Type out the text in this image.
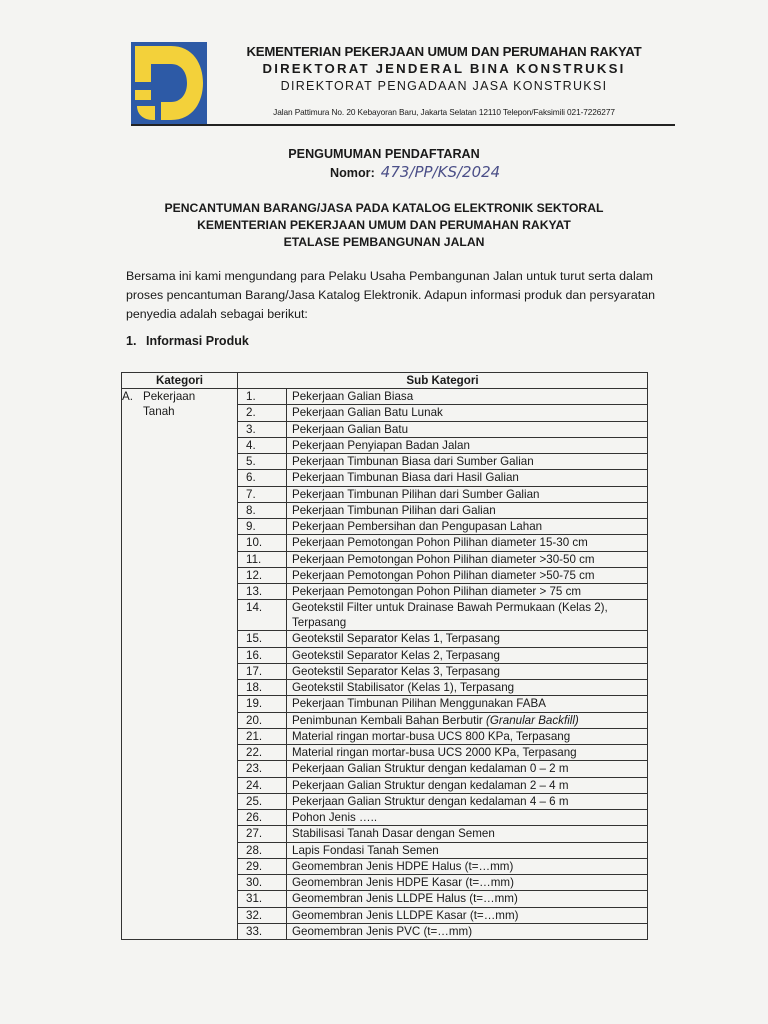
KEMENTERIAN PEKERJAAN UMUM DAN PERUMAHAN RAKYAT
DIREKTORAT JENDERAL BINA KONSTRUKSI
DIREKTORAT PENGADAAN JASA KONSTRUKSI
Jalan Pattimura No. 20 Kebayoran Baru, Jakarta Selatan 12110 Telepon/Faksimili 021-7226277
PENGUMUMAN PENDAFTARAN
Nomor: 473/PP/KS/2024
PENCANTUMAN BARANG/JASA PADA KATALOG ELEKTRONIK SEKTORAL
KEMENTERIAN PEKERJAAN UMUM DAN PERUMAHAN RAKYAT
ETALASE PEMBANGUNAN JALAN
Bersama ini kami mengundang para Pelaku Usaha Pembangunan Jalan untuk turut serta dalam proses pencantuman Barang/Jasa Katalog Elektronik. Adapun informasi produk dan persyaratan penyedia adalah sebagai berikut:
1. Informasi Produk
Kategori	Sub Kategori	
A. Pekerjaan
Tanah	1.	Pekerjaan Galian Biasa
	2.	Pekerjaan Galian Batu Lunak
	3.	Pekerjaan Galian Batu
	4.	Pekerjaan Penyiapan Badan Jalan
	5.	Pekerjaan Timbunan Biasa dari Sumber Galian
	6.	Pekerjaan Timbunan Biasa dari Hasil Galian
	7.	Pekerjaan Timbunan Pilihan dari Sumber Galian
	8.	Pekerjaan Timbunan Pilihan dari Galian
	9.	Pekerjaan Pembersihan dan Pengupasan Lahan
	10.	Pekerjaan Pemotongan Pohon Pilihan diameter 15-30 cm
	11.	Pekerjaan Pemotongan Pohon Pilihan diameter >30-50 cm
	12.	Pekerjaan Pemotongan Pohon Pilihan diameter >50-75 cm
	13.	Pekerjaan Pemotongan Pohon Pilihan diameter > 75 cm
	14.	Geotekstil Filter untuk Drainase Bawah Permukaan (Kelas 2), Terpasang
	15.	Geotekstil Separator Kelas 1, Terpasang
	16.	Geotekstil Separator Kelas 2, Terpasang
	17.	Geotekstil Separator Kelas 3, Terpasang
	18.	Geotekstil Stabilisator (Kelas 1), Terpasang
	19.	Pekerjaan Timbunan Pilihan Menggunakan FABA
	20.	Penimbunan Kembali Bahan Berbutir (Granular Backfill)
	21.	Material ringan mortar-busa UCS 800 KPa, Terpasang
	22.	Material ringan mortar-busa UCS 2000 KPa, Terpasang
	23.	Pekerjaan Galian Struktur dengan kedalaman 0 – 2 m
	24.	Pekerjaan Galian Struktur dengan kedalaman 2 – 4 m
	25.	Pekerjaan Galian Struktur dengan kedalaman 4 – 6 m
	26.	Pohon Jenis …..
	27.	Stabilisasi Tanah Dasar dengan Semen
	28.	Lapis Fondasi Tanah Semen
	29.	Geomembran Jenis HDPE Halus (t=…mm)
	30.	Geomembran Jenis HDPE Kasar (t=…mm)
	31.	Geomembran Jenis LLDPE Halus (t=…mm)
	32.	Geomembran Jenis LLDPE Kasar (t=…mm)
	33.	Geomembran Jenis PVC (t=…mm)
